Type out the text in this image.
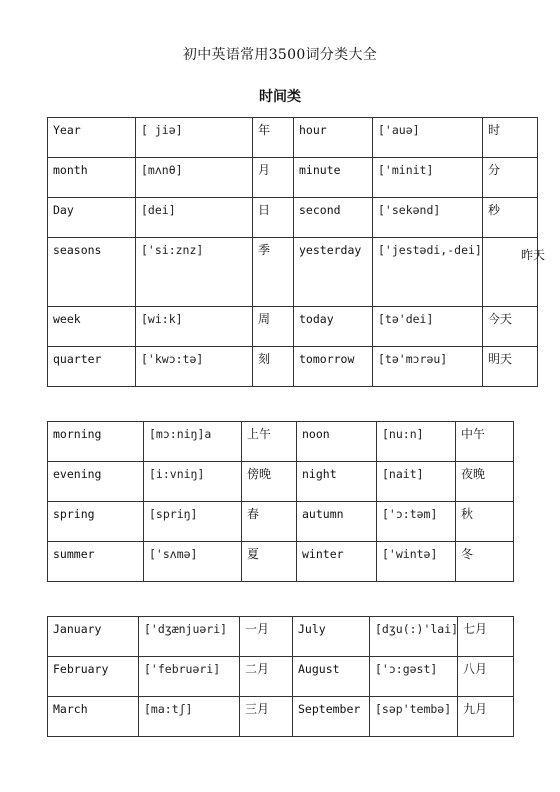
初中英语常用3500词分类大全
时间类
Year	[ jiə]	年	hour	['auə]	时
month	[mʌnθ]	月	minute	['minit]	分
Day	[dei]	日	second	['sekənd]	秒
seasons	['si:znz]	季	yesterday	['jestədi,-dei]	昨天
week	[wi:k]	周	today	[tə'dei]	今天
quarter	['kwɔ:tə]	刻	tomorrow	[tə'mɔrəu]	明天
morning	[mɔ:niŋ]a	上午	noon	[nu:n]	中午
evening	[i:vniŋ]	傍晚	night	[nait]	夜晚
spring	[spriŋ]	春	autumn	['ɔ:təm]	秋
summer	['sʌmə]	夏	winter	['wintə]	冬
January	['dʒænjuəri]	一月	July	[dʒu(:)'lai]	七月
February	['februəri]	二月	August	['ɔ:gəst]	八月
March	[ma:tʃ]	三月	September	[səp'tembə]	九月
